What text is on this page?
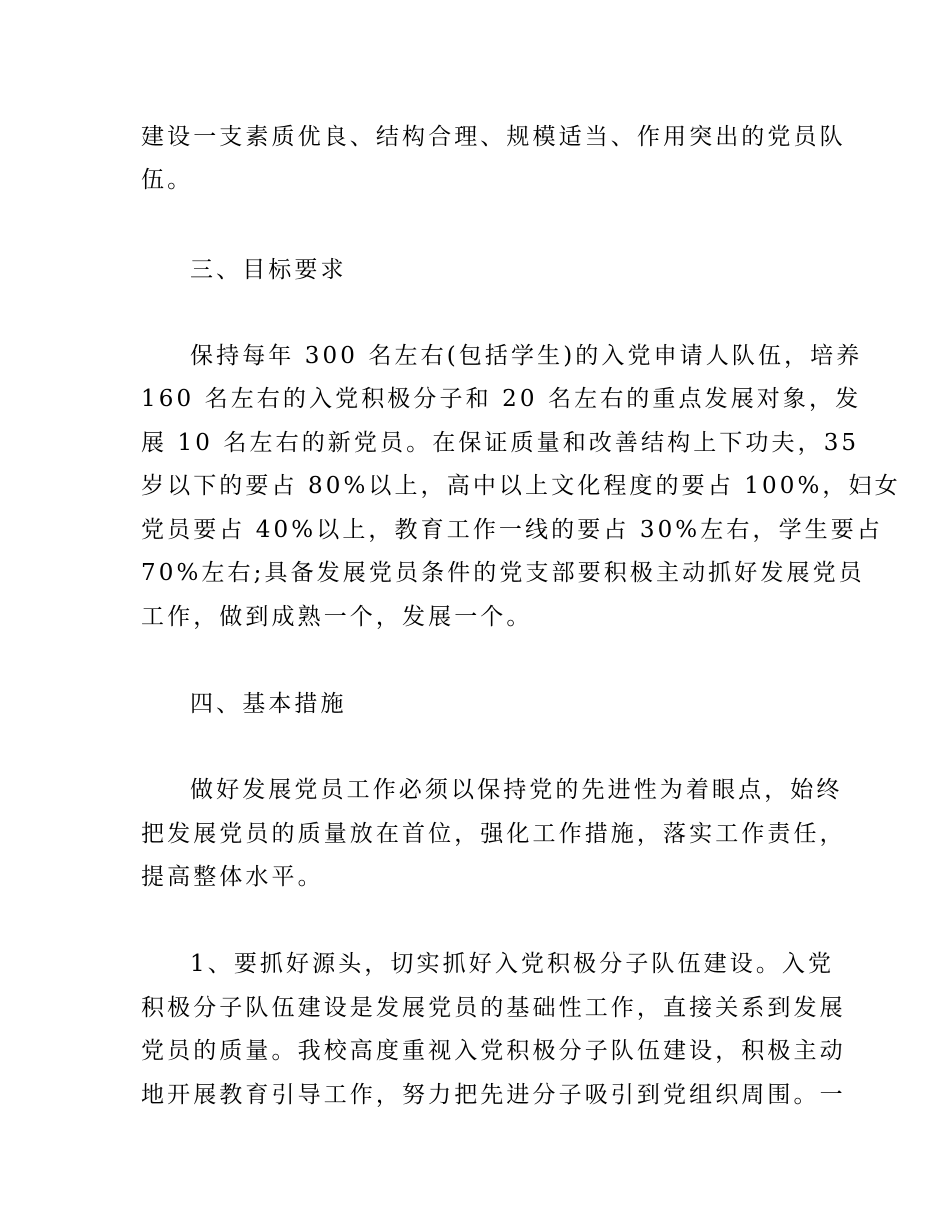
建设一支素质优良、结构合理、规模适当、作用突出的党员队
伍。
三、目标要求
保持每年 300 名左右(包括学生)的入党申请人队伍，培养
160 名左右的入党积极分子和 20 名左右的重点发展对象，发
展 10 名左右的新党员。在保证质量和改善结构上下功夫，35
岁以下的要占 80%以上，高中以上文化程度的要占 100%，妇女
党员要占 40%以上，教育工作一线的要占 30%左右，学生要占
70%左右;具备发展党员条件的党支部要积极主动抓好发展党员
工作，做到成熟一个，发展一个。
四、基本措施
做好发展党员工作必须以保持党的先进性为着眼点，始终
把发展党员的质量放在首位，强化工作措施，落实工作责任，
提高整体水平。
1、要抓好源头，切实抓好入党积极分子队伍建设。入党
积极分子队伍建设是发展党员的基础性工作，直接关系到发展
党员的质量。我校高度重视入党积极分子队伍建设，积极主动
地开展教育引导工作，努力把先进分子吸引到党组织周围。一
